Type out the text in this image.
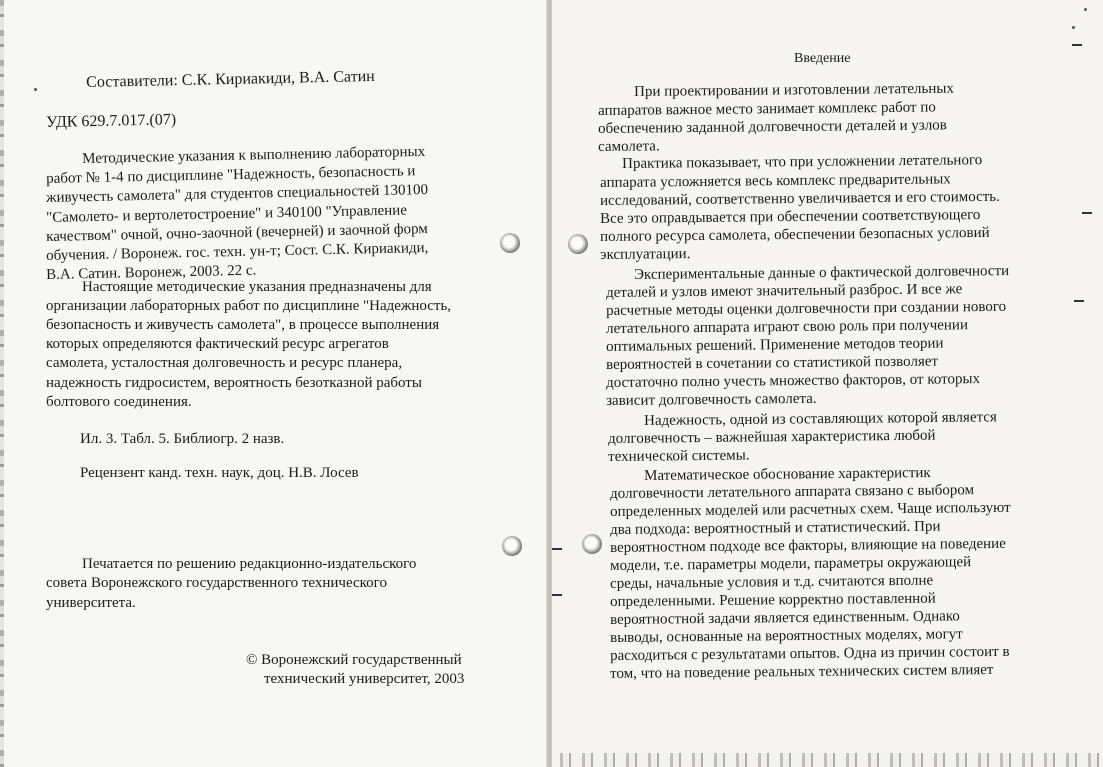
Составители: С.К. Кириакиди, В.А. Сатин
УДК 629.7.017.(07)
Методические указания к выполнению лабораторных
работ № 1-4 по дисциплине "Надежность, безопасность и
живучесть самолета" для студентов специальностей 130100
"Самолето- и вертолетостроение" и 340100 "Управление
качеством" очной, очно-заочной (вечерней) и заочной форм
обучения. / Воронеж. гос. техн. ун-т; Сост. С.К. Кириакиди,
В.А. Сатин. Воронеж, 2003. 22 с.
Настоящие методические указания предназначены для
организации лабораторных работ по дисциплине "Надежность,
безопасность и живучесть самолета", в процессе выполнения
которых определяются фактический ресурс агрегатов
самолета, усталостная долговечность и ресурс планера,
надежность гидросистем, вероятность безотказной работы
болтового соединения.
Ил. 3. Табл. 5. Библиогр. 2 назв.
Рецензент канд. техн. наук, доц. Н.В. Лосев
Печатается по решению редакционно-издательского
совета Воронежского государственного технического
университета.
© Воронежский государственный
технический университет, 2003
Введение
При проектировании и изготовлении летательных
аппаратов важное место занимает комплекс работ по
обеспечению заданной долговечности деталей и узлов
самолета.
Практика показывает, что при усложнении летательного
аппарата усложняется весь комплекс предварительных
исследований, соответственно увеличивается и его стоимость.
Все это оправдывается при обеспечении соответствующего
полного ресурса самолета, обеспечении безопасных условий
эксплуатации.
Экспериментальные данные о фактической долговечности
деталей и узлов имеют значительный разброс. И все же
расчетные методы оценки долговечности при создании нового
летательного аппарата играют свою роль при получении
оптимальных решений. Применение методов теории
вероятностей в сочетании со статистикой позволяет
достаточно полно учесть множество факторов, от которых
зависит долговечность самолета.
Надежность, одной из составляющих которой является
долговечность – важнейшая характеристика любой
технической системы.
Математическое обоснование характеристик
долговечности летательного аппарата связано с выбором
определенных моделей или расчетных схем. Чаще используют
два подхода: вероятностный и статистический. При
вероятностном подходе все факторы, влияющие на поведение
модели, т.е. параметры модели, параметры окружающей
среды, начальные условия и т.д. считаются вполне
определенными. Решение корректно поставленной
вероятностной задачи является единственным. Однако
выводы, основанные на вероятностных моделях, могут
расходиться с результатами опытов. Одна из причин состоит в
том, что на поведение реальных технических систем влияет
